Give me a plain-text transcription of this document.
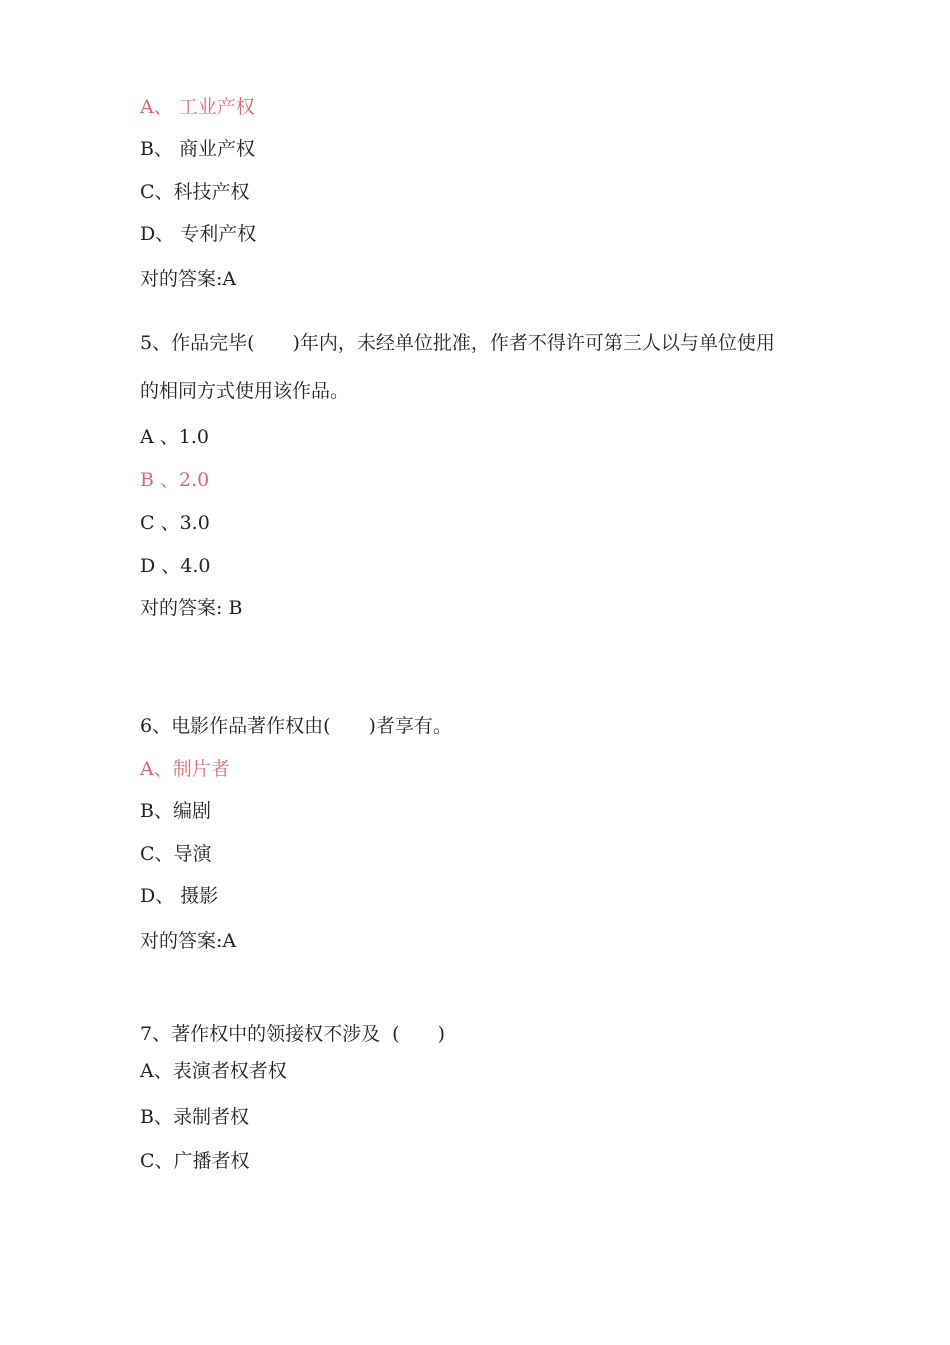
A、 工业产权
B、 商业产权
C、科技产权
D、 专利产权
对的答案:A
5、作品完毕(　　)年内，未经单位批准，作者不得许可第三人以与单位使用
的相同方式使用该作品。
A 、1.0
B 、2.0
C 、3.0
D 、4.0
对的答案: B
6、电影作品著作权由(　　)者享有。
A、制片者
B、编剧
C、导演
D、 摄影
对的答案:A
7、著作权中的领接权不涉及  (　　)
A、表演者权者权
B、录制者权
C、广播者权
